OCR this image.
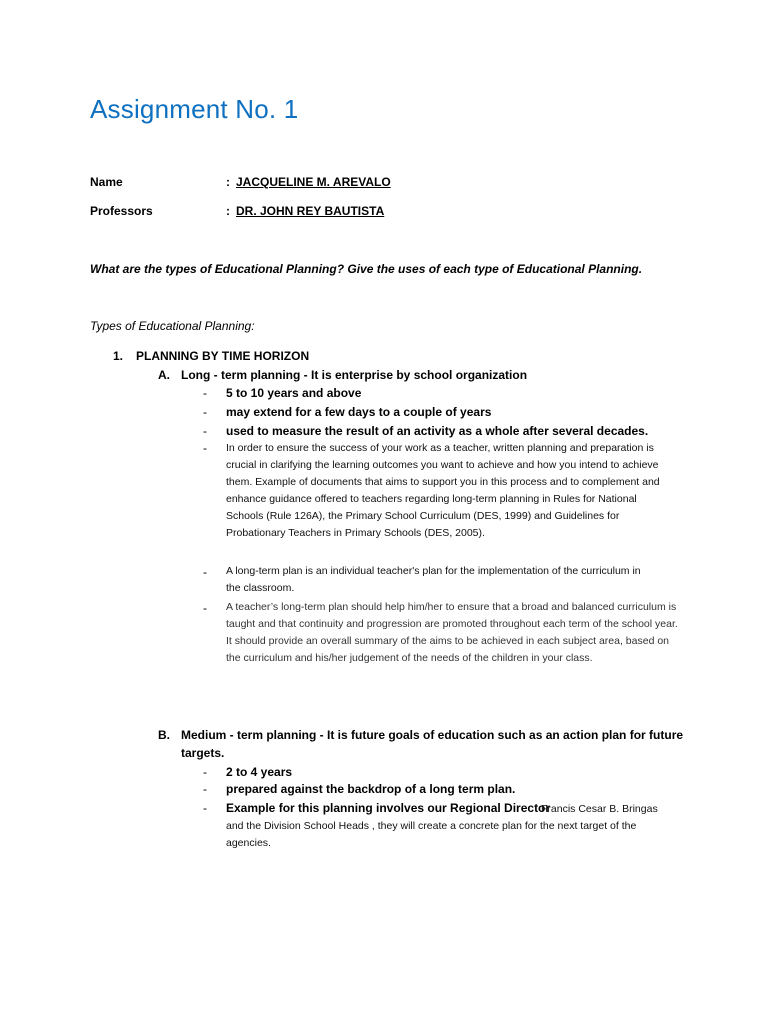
Assignment No. 1
Name	: JACQUELINE M. AREVALO
Professors	: DR. JOHN REY BAUTISTA
What are the types of Educational Planning? Give the uses of each type of Educational Planning.
Types of Educational Planning:
1. PLANNING BY TIME HORIZON
A. Long - term planning - It is enterprise by school organization
- 5 to 10 years and above
- may extend for a few days to a couple of years
- used to measure the result of an activity as a whole after several decades.
- In order to ensure the success of your work as a teacher, written planning and preparation is crucial in clarifying the learning outcomes you want to achieve and how you intend to achieve them. Example of documents that aims to support you in this process and to complement and enhance guidance offered to teachers regarding long-term planning in Rules for National Schools (Rule 126A), the Primary School Curriculum (DES, 1999) and Guidelines for Probationary Teachers in Primary Schools (DES, 2005).
- A long-term plan is an individual teacher's plan for the implementation of the curriculum in the classroom.
- A teacher’s long-term plan should help him/her to ensure that a broad and balanced curriculum is taught and that continuity and progression are promoted throughout each term of the school year. It should provide an overall summary of the aims to be achieved in each subject area, based on the curriculum and his/her judgement of the needs of the children in your class.
B. Medium - term planning - It is future goals of education such as an action plan for future
targets.
- 2 to 4 years
- prepared against the backdrop of a long term plan.
- Example for this planning involves our Regional Director
Francis Cesar B. Bringas
and the Division School Heads , they will create a concrete plan for the next target of the agencies.
